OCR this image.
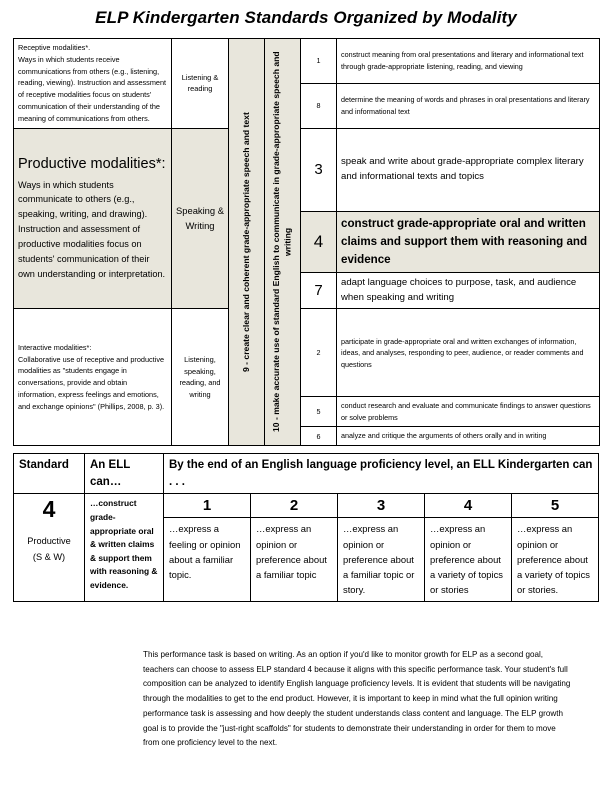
ELP Kindergarten Standards Organized by Modality
Receptive modalities*.
Ways in which students receive communications from others (e.g., listening, reading, viewing). Instruction and assessment of receptive modalities focus on students' communication of their understanding of the meaning of communications from others.	Listening & reading	9 - create clear and coherent grade-appropriate speech and text	10 - make accurate use of standard English to communicate in grade-appropriate speech and writing	1	construct meaning from oral presentations and literary and informational text through grade-appropriate listening, reading, and viewing

				8	determine the meaning of words and phrases in oral presentations and literary and informational text

Productive modalities*:
Ways in which students communicate to others (e.g., speaking, writing, and drawing). Instruction and assessment of productive modalities focus on students' communication of their own understanding or interpretation.	Speaking & Writing			3	speak and write about grade-appropriate complex literary and informational texts and topics

				4	construct grade-appropriate oral and written claims and support them with reasoning and evidence

				7	adapt language choices to purpose, task, and audience when speaking and writing

Interactive modalities*:
Collaborative use of receptive and productive modalities as "students engage in conversations, provide and obtain information, express feelings and emotions, and exchange opinions" (Phillips, 2008, p. 3).	Listening, speaking, reading, and writing			2	participate in grade-appropriate oral and written exchanges of information, ideas, and analyses, responding to peer, audience, or reader comments and questions

				5	conduct research and evaluate and communicate findings to answer questions or solve problems

				6	analyze and critique the arguments of others orally and in writing
Standard	An ELL can…	By the end of an English language proficiency level, an ELL Kindergarten can . . .				

4
Productive
(S & W)	…construct grade-appropriate oral & written claims & support them with reasoning & evidence.	1	2	3	4	5

		…express a feeling or opinion about a familiar topic.	…express an opinion or preference about a familiar topic	…express an opinion or preference about a familiar topic or story.	…express an opinion or preference about a variety of topics or stories	…express an opinion or preference about a variety of topics or stories.
This performance task is based on writing. As an option if you'd like to monitor growth for ELP as a second goal, teachers can choose to assess ELP standard 4 because it aligns with this specific performance task. Your student's full composition can be analyzed to identify English language proficiency levels. It is evident that students will be navigating through the modalities to get to the end product. However, it is important to keep in mind what the full opinion writing performance task is assessing and how deeply the student understands class content and language. The ELP growth goal is to provide the "just-right scaffolds" for students to demonstrate their understanding in order for them to move from one proficiency level to the next.
